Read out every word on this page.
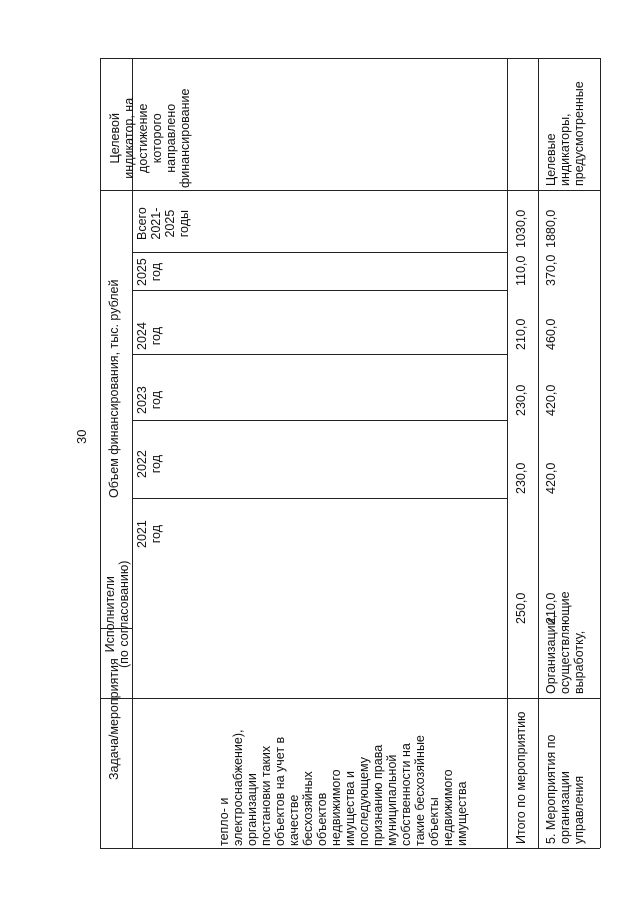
30
Задача/мероприятия
Исполнители (по согласованию)
Объем финансирования, тыс. рублей
Целевой индикатор, на достижение которого направлено финансирование
2021 год
2022 год
2023 год
2024 год
2025 год
Всего 2021- 2025 годы
тепло- и электроснабжение), организации постановки таких объектов на учет в качестве бесхозяйных объектов недвижимого имущества и последующему признанию права муниципальной собственности на такие бесхозяйные объекты недвижимого имущества	Итого по мероприятию
250,0
230,0
230,0
210,0
110,0
1030,0
5. Мероприятия по организации управления
Организации, осуществляющие выработку,
210,0
420,0
420,0
460,0
370,0
1880,0
Целевые индикаторы, предусмотренные
